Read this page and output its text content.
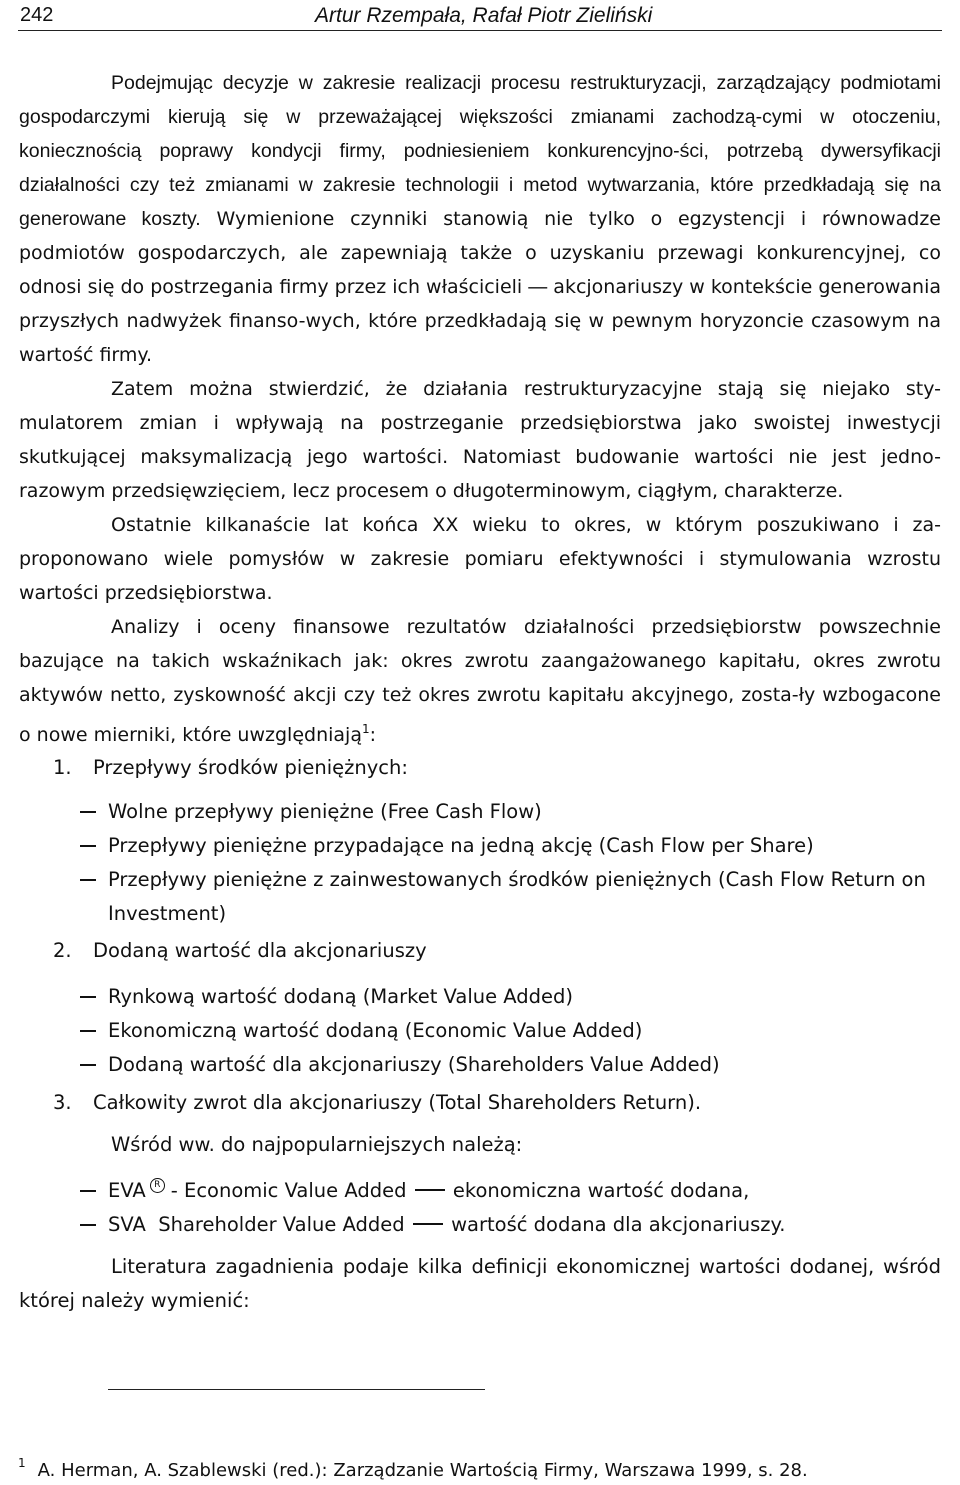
242	Artur Rzempała, Rafał Piotr Zieliński

Podejmując decyzje w zakresie realizacji procesu restrukturyzacji, zarządzający podmiotami gospodarczymi kierują się w przeważającej większości zmianami zachodzą-cymi w otoczeniu, koniecznością poprawy kondycji firmy, podniesieniem konkurencyjno-ści, potrzebą dywersyfikacji działalności czy też zmianami w zakresie technologii i metod wytwarzania, które przedkładają się na generowane koszty. Wymienione czynniki stanowią nie tylko o egzystencji i równowadze podmiotów gospodarczych, ale zapewniają także o uzyskaniu przewagi konkurencyjnej, co odnosi się do postrzegania firmy przez ich właścicieli ― akcjonariuszy w kontekście generowania przyszłych nadwyżek finanso-wych, które przedkładają się w pewnym horyzoncie czasowym na wartość firmy.

Zatem można stwierdzić, że działania restrukturyzacyjne stają się niejako sty-mulatorem zmian i wpływają na postrzeganie przedsiębiorstwa jako swoistej inwestycji skutkującej maksymalizacją jego wartości. Natomiast budowanie wartości nie jest jedno-razowym przedsięwzięciem, lecz procesem o długoterminowym, ciągłym, charakterze.

Ostatnie kilkanaście lat końca XX wieku to okres, w którym poszukiwano i za-proponowano wiele pomysłów w zakresie pomiaru efektywności i stymulowania wzrostu wartości przedsiębiorstwa.

Analizy i oceny finansowe rezultatów działalności przedsiębiorstw powszechnie bazujące na takich wskaźnikach jak: okres zwrotu zaangażowanego kapitału, okres zwrotu aktywów netto, zyskowność akcji czy też okres zwrotu kapitału akcyjnego, zosta-ły wzbogacone o nowe mierniki, które uwzględniają$^1$:

1. Przepływy środków pieniężnych:
Wolne przepływy pieniężne (Free Cash Flow)
Przepływy pieniężne przypadające na jedną akcję (Cash Flow per Share)
Przepływy pieniężne z zainwestowanych środków pieniężnych (Cash Flow Return on Investment)
2. Dodaną wartość dla akcjonariuszy
Rynkową wartość dodaną (Market Value Added)
Ekonomiczną wartość dodaną (Economic Value Added)
Dodaną wartość dla akcjonariuszy (Shareholders Value Added)
3. Całkowity zwrot dla akcjonariuszy (Total Shareholders Return).
Wśród ww. do najpopularniejszych należą:
EVA R - Economic Value Added ekonomiczna wartość dodana,
SVA Shareholder Value Added wartość dodana dla akcjonariuszy.

Literatura zagadnienia podaje kilka definicji ekonomicznej wartości dodanej, wśród której należy wymienić:

$^1$ A. Herman, A. Szablewski (red.): Zarządzanie Wartością Firmy, Warszawa 1999, s. 28.
